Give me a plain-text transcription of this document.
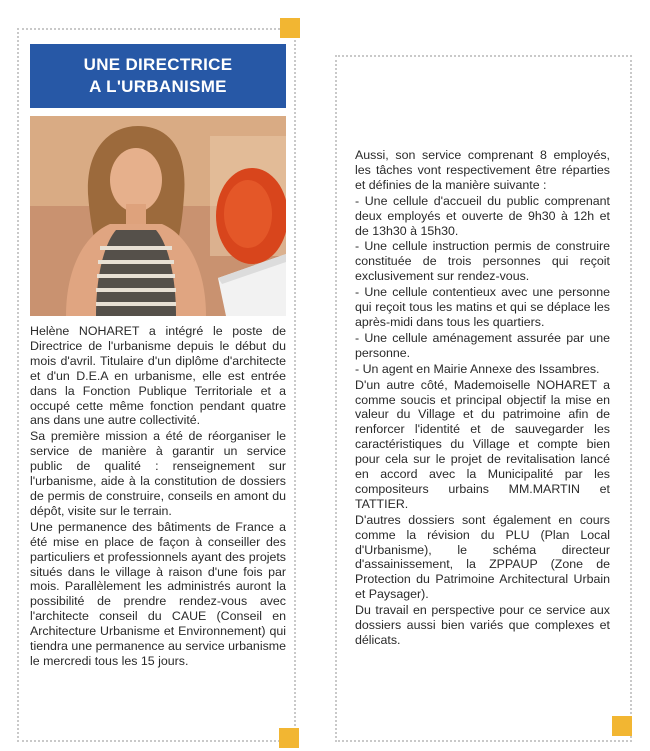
UNE DIRECTRICE
A L'URBANISME

Helène NOHARET a intégré le poste de Directrice de l'urbanisme depuis le début du mois d'avril. Titulaire d'un diplôme d'architecte et d'un D.E.A en urbanisme, elle est entrée dans la Fonction Publique Territoriale et a occupé cette même fonction pendant quatre ans dans une autre collectivité.

Sa première mission a été de réorganiser le service de manière à garantir un service public de qualité : renseignement sur l'urbanisme, aide à la constitution de dossiers de permis de construire, conseils en amont du dépôt, visite sur le terrain.

Une permanence des bâtiments de France a été mise en place de façon à conseiller des particuliers et professionnels ayant des projets situés dans le village à raison d'une fois par mois. Parallèlement les administrés auront la possibilité de prendre rendez-vous avec l'architecte conseil du CAUE (Conseil en Architecture Urbanisme et Environnement) qui tiendra une permanence au service urbanisme le mercredi tous les 15 jours.

Aussi, son service comprenant 8 employés, les tâches vont respectivement être réparties et définies de la manière suivante :

- Une cellule d'accueil du public comprenant deux employés et ouverte de 9h30 à 12h et de 13h30 à 15h30.

- Une cellule instruction permis de construire constituée de trois personnes qui reçoit exclusivement sur rendez-vous.

- Une cellule contentieux avec une personne qui reçoit tous les matins et qui se déplace les après-midi dans tous les quartiers.

- Une cellule aménagement assurée par une personne.

- Un agent en Mairie Annexe des Issambres.

D'un autre côté, Mademoiselle NOHARET a comme soucis et principal objectif la mise en valeur du Village et du patrimoine afin de renforcer l'identité et de sauvegarder les caractéristiques du Village et compte bien pour cela sur le projet de revitalisation lancé en accord avec la Municipalité par les compositeurs urbains MM.MARTIN et TATTIER.

D'autres dossiers sont également en cours comme la révision du PLU (Plan Local d'Urbanisme), le schéma directeur d'assainissement, la ZPPAUP (Zone de Protection du Patrimoine Architectural Urbain et Paysager).

Du travail en perspective pour ce service aux dossiers aussi bien variés que complexes et délicats.
